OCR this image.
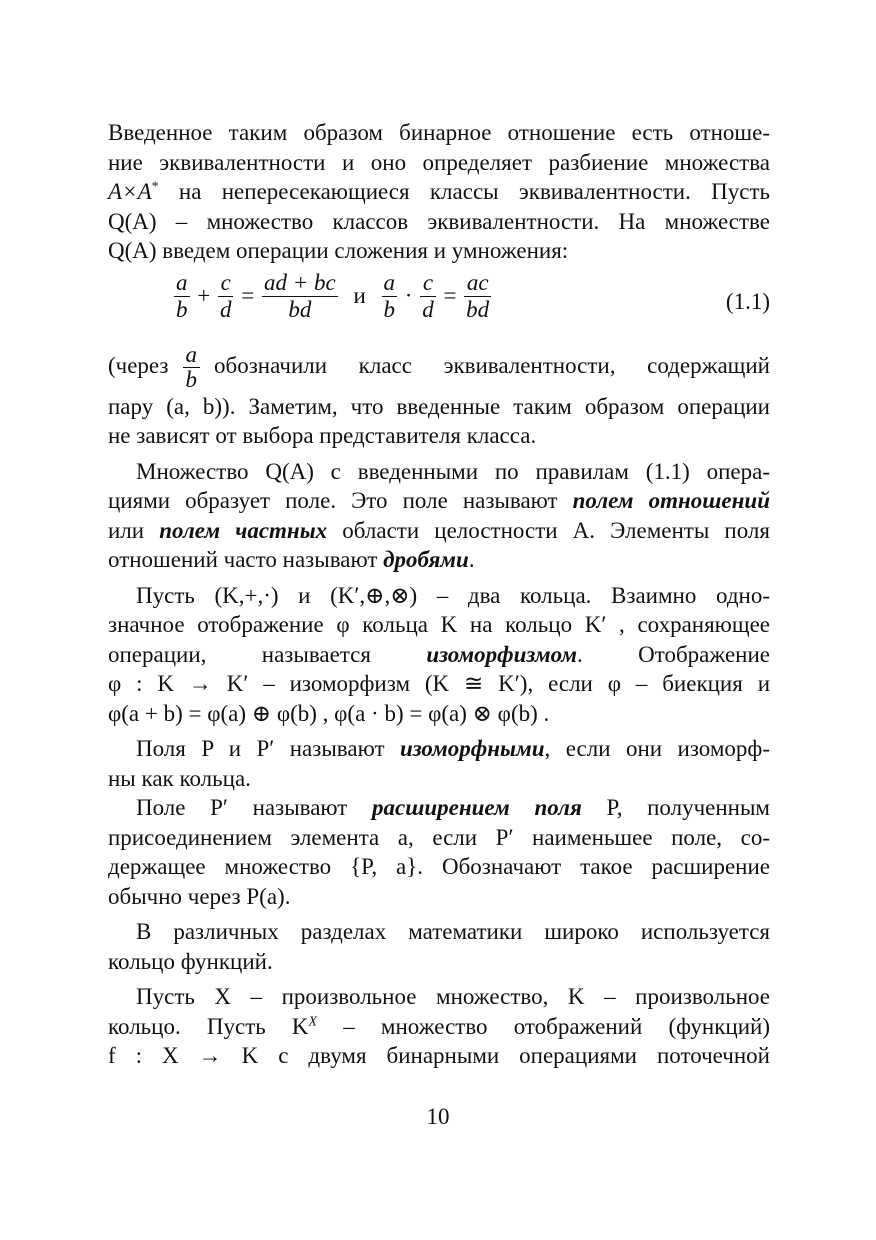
Введенное таким образом бинарное отношение есть отноше-
ние эквивалентности и оно определяет разбиение множества
A×A* на непересекающиеся классы эквивалентности. Пусть
Q(A) – множество классов эквивалентности. На множестве
Q(A) введем операции сложения и умножения:
$\frac{a}{b} + \frac{c}{d} = \frac{ad + bc}{bd}$ и $\frac{a}{b} \cdot \frac{c}{d} = \frac{ac}{bd}$	(1.1)
(через $\frac{a}{b}$ обозначили класс эквивалентности, содержащий
пару (a, b)). Заметим, что введенные таким образом операции
не зависят от выбора представителя класса.
Множество Q(A) с введенными по правилам (1.1) опера-
циями образует поле. Это поле называют полем отношений
или полем частных области целостности A. Элементы поля
отношений часто называют дробями.
Пусть (K,+,·) и (K′,⊕,⊗) – два кольца. Взаимно одно-
значное отображение φ кольца K на кольцо K′ , сохраняющее
операции, называется изоморфизмом. Отображение
φ : K → K′ – изоморфизм (K ≅ K′), если φ – биекция и
φ(a + b) = φ(a) ⊕ φ(b) , φ(a · b) = φ(a) ⊗ φ(b) .
Поля P и P′ называют изоморфными, если они изоморф-
ны как кольца.
Поле P′ называют расширением поля P, полученным
присоединением элемента a, если P′ наименьшее поле, со-
держащее множество {P, a}. Обозначают такое расширение
обычно через P(a).
В различных разделах математики широко используется
кольцо функций.
Пусть X – произвольное множество, K – произвольное
кольцо. Пусть $K^X$ – множество отображений (функций)
f : X → K с двумя бинарными операциями поточечной
10
